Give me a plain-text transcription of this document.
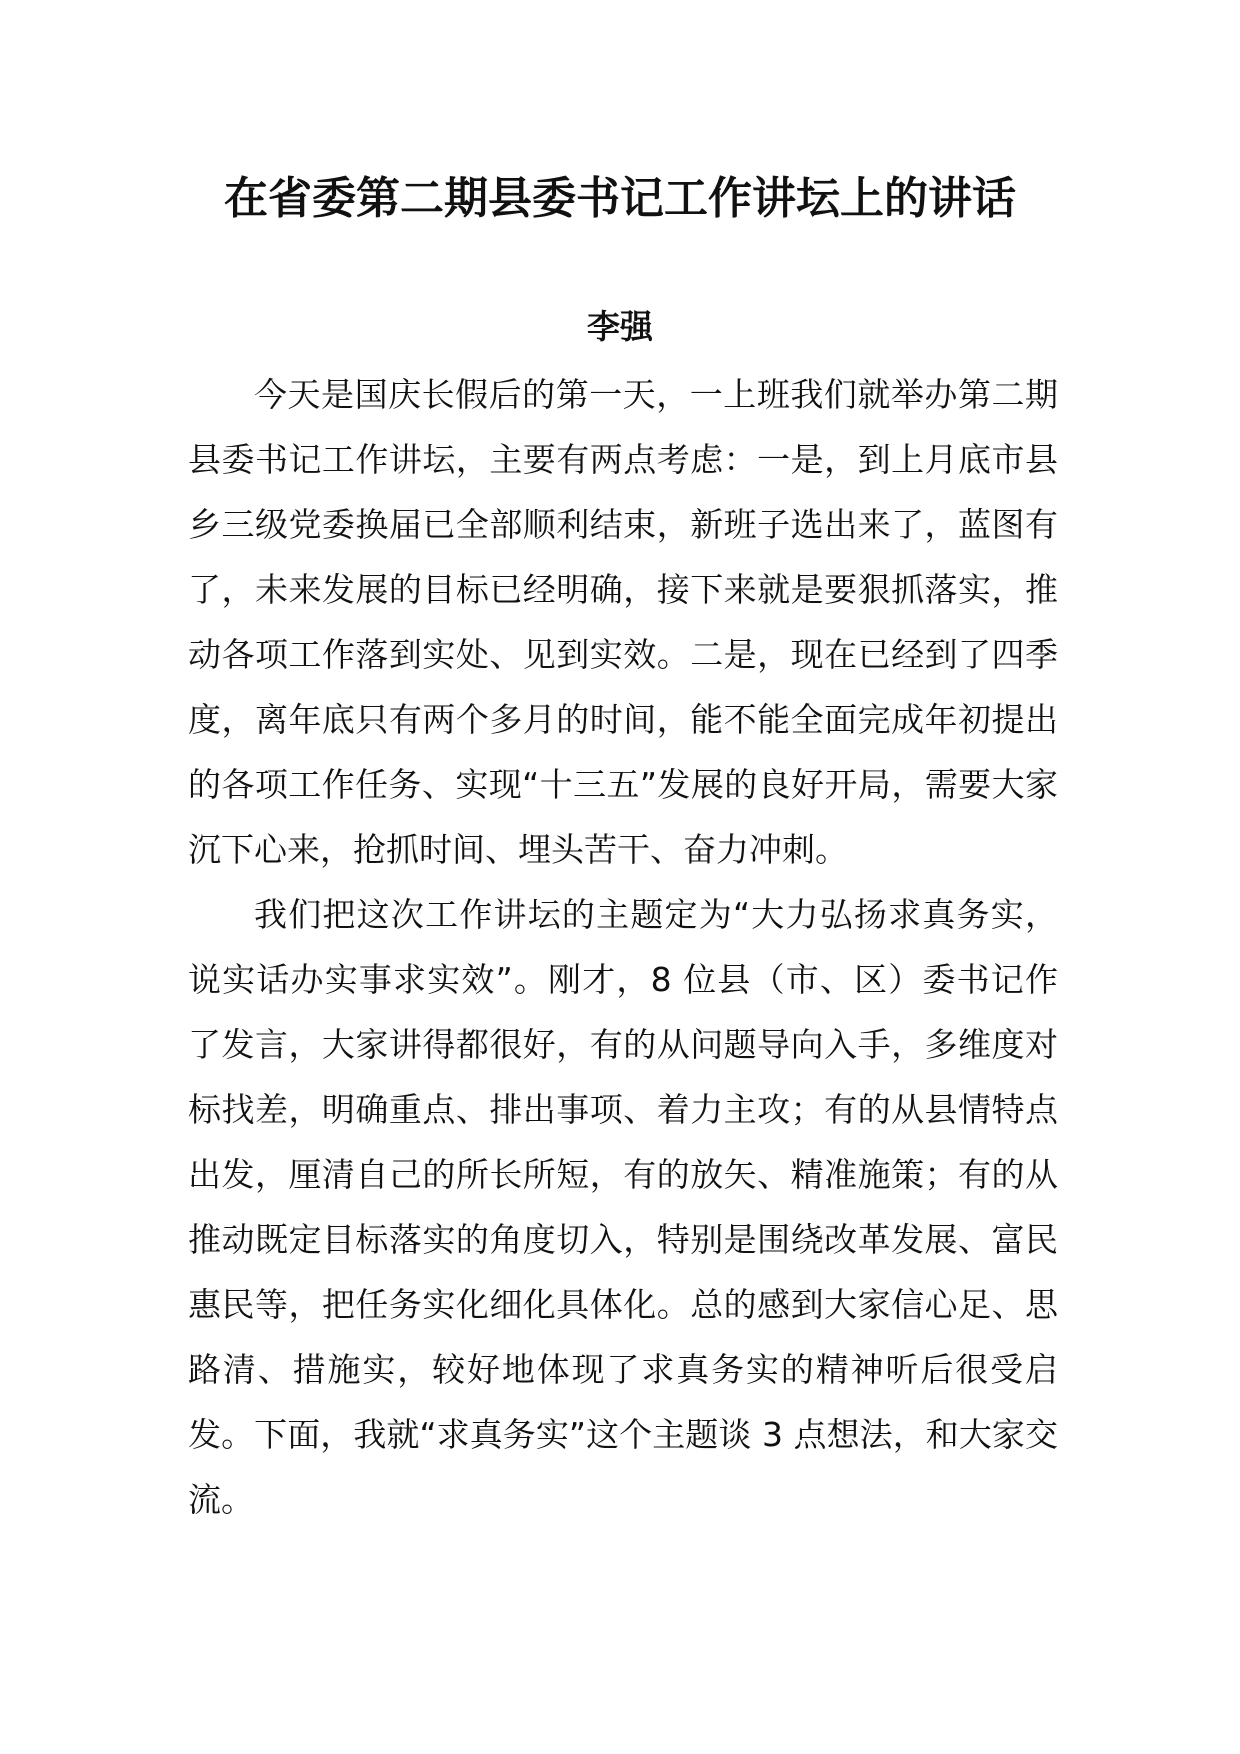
在省委第二期县委书记工作讲坛上的讲话

李强

今天是国庆长假后的第一天，一上班我们就举办第二期县委书记工作讲坛，主要有两点考虑：一是，到上月底市县乡三级党委换届已全部顺利结束，新班子选出来了，蓝图有了，未来发展的目标已经明确，接下来就是要狠抓落实，推动各项工作落到实处、见到实效。二是，现在已经到了四季度，离年底只有两个多月的时间，能不能全面完成年初提出的各项工作任务、实现“十三五”发展的良好开局，需要大家沉下心来，抢抓时间、埋头苦干、奋力冲刺。

我们把这次工作讲坛的主题定为“大力弘扬求真务实，说实话办实事求实效”。刚才，8 位县（市、区）委书记作了发言，大家讲得都很好，有的从问题导向入手，多维度对标找差，明确重点、排出事项、着力主攻；有的从县情特点出发，厘清自己的所长所短，有的放矢、精准施策；有的从推动既定目标落实的角度切入，特别是围绕改革发展、富民惠民等，把任务实化细化具体化。总的感到大家信心足、思路清、措施实，较好地体现了求真务实的精神听后很受启发。下面，我就“求真务实”这个主题谈 3 点想法，和大家交流。
